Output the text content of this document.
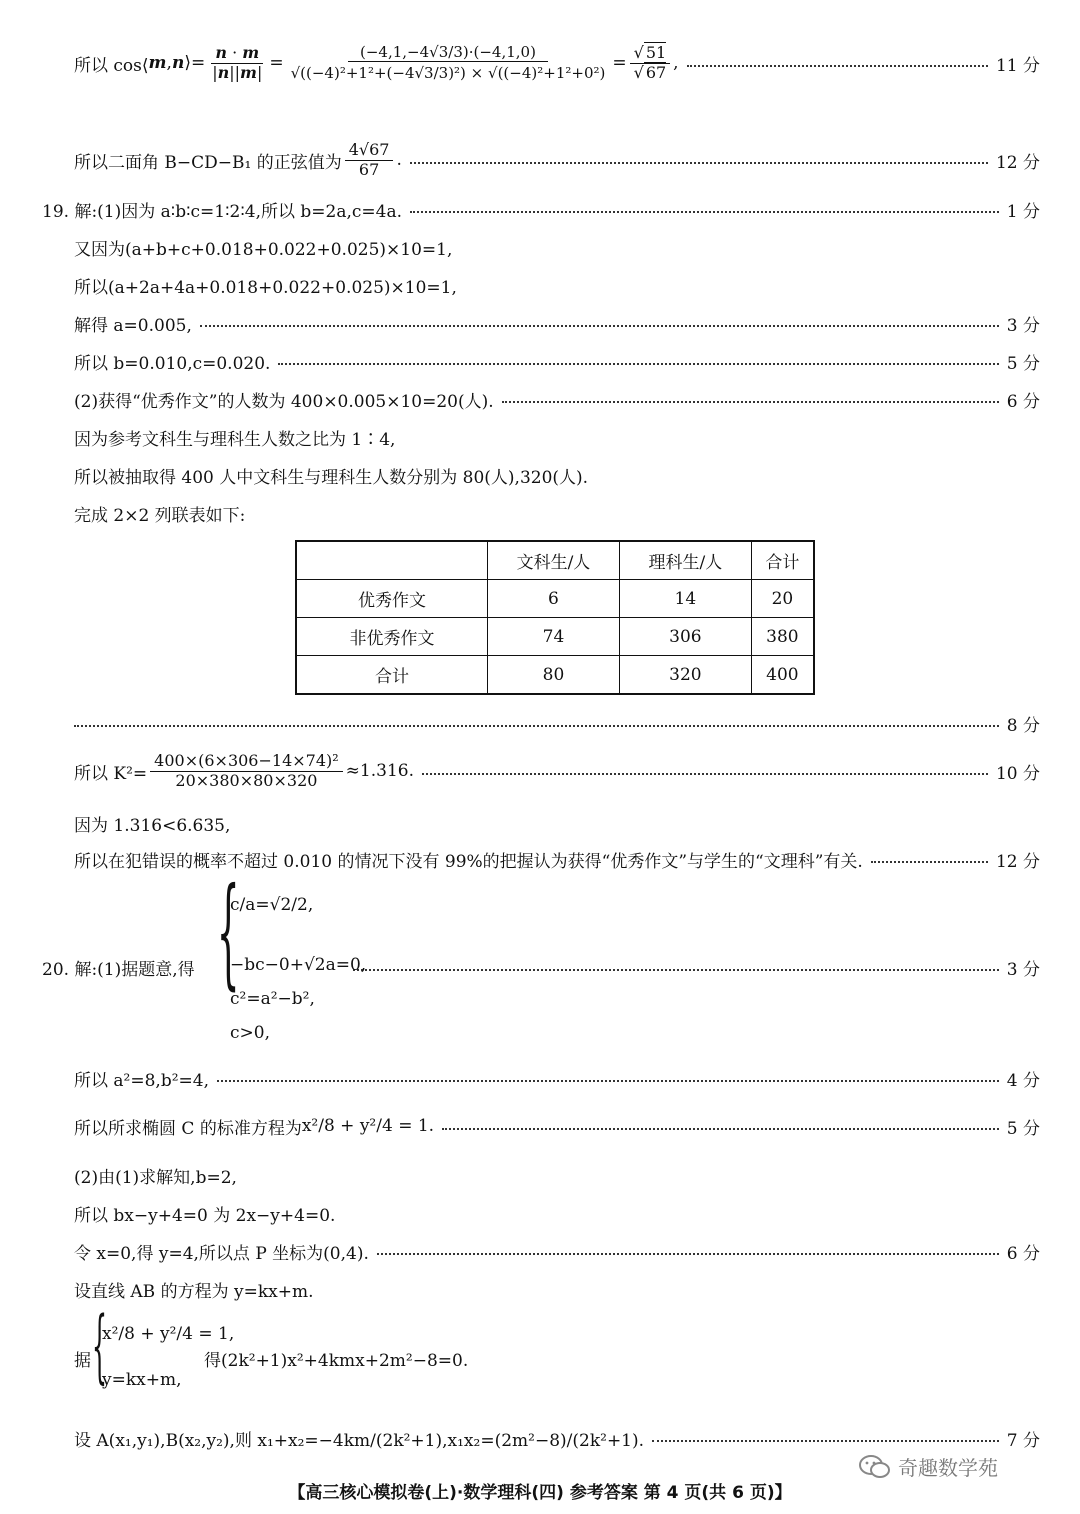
所以 cos⟨ m , n ⟩= $\frac{n \cdot m}{|n||m|} = \frac{(-4,1,-4√3/3)\cdot(-4,1,0)}{\text{√((−4)²+1²+(−4√3/3)²) × √((−4)²+1²+0²)}} = \frac{√ 51}{√ 67}$ ,	11 分
所以二面角 B−CD−B₁ 的正弦值为 $\frac{4√67}{67}$ .	12 分
19. 解:(1)因为 a∶b∶c=1∶2∶4,所以 b=2a,c=4a.	1 分
又因为(a+b+c+0.018+0.022+0.025)×10=1,
所以(a+2a+4a+0.018+0.022+0.025)×10=1,
解得 a=0.005,	3 分
所以 b=0.010,c=0.020.	5 分
(2)获得“优秀作文”的人数为 400×0.005×10=20(人).	6 分
因为参考文科生与理科生人数之比为 1∶4,
所以被抽取得 400 人中文科生与理科生人数分别为 80(人),320(人).
完成 2×2 列联表如下:
	文科生/人	理科生/人	合计
优秀作文	6	14	20
非优秀作文	74	306	380
合计	80	320	400
8 分
所以 $K^2= \frac{\text{400×(6×306−14×74)²}}{20\times 380\times 80\times 320} \approx 1.316$.	10 分
因为 1.316<6.635,
所以在犯错误的概率不超过 0.010 的情况下没有 99%的把握认为获得“优秀作文”与学生的“文理科”有关.	12 分
20. 解:(1)据题意,得	3 分
{
c/a=√2/2,
−bc−0+√2a=0,
c²=a²−b²,
c>0,
所以 a²=8,b²=4,	4 分
所以所求椭圆 C 的标准方程为 x²/8 + y²/4 = 1.	5 分
(2)由(1)求解知,b=2,
所以 bx−y+4=0 为 2x−y+4=0.
令 x=0,得 y=4,所以点 P 坐标为(0,4).	6 分
设直线 AB 的方程为 y=kx+m.
据 {
x²/8 + y²/4 = 1,
y=kx+m,
得(2k²+1)x²+4kmx+2m²−8=0.
设 A(x₁,y₁),B(x₂,y₂),则 x₁+x₂=−4km/(2k²+1),x₁x₂=(2m²−8)/(2k²+1).	7 分
奇趣数学苑
【高三核心模拟卷(上)·数学理科(四) 参考答案 第 4 页(共 6 页)】
